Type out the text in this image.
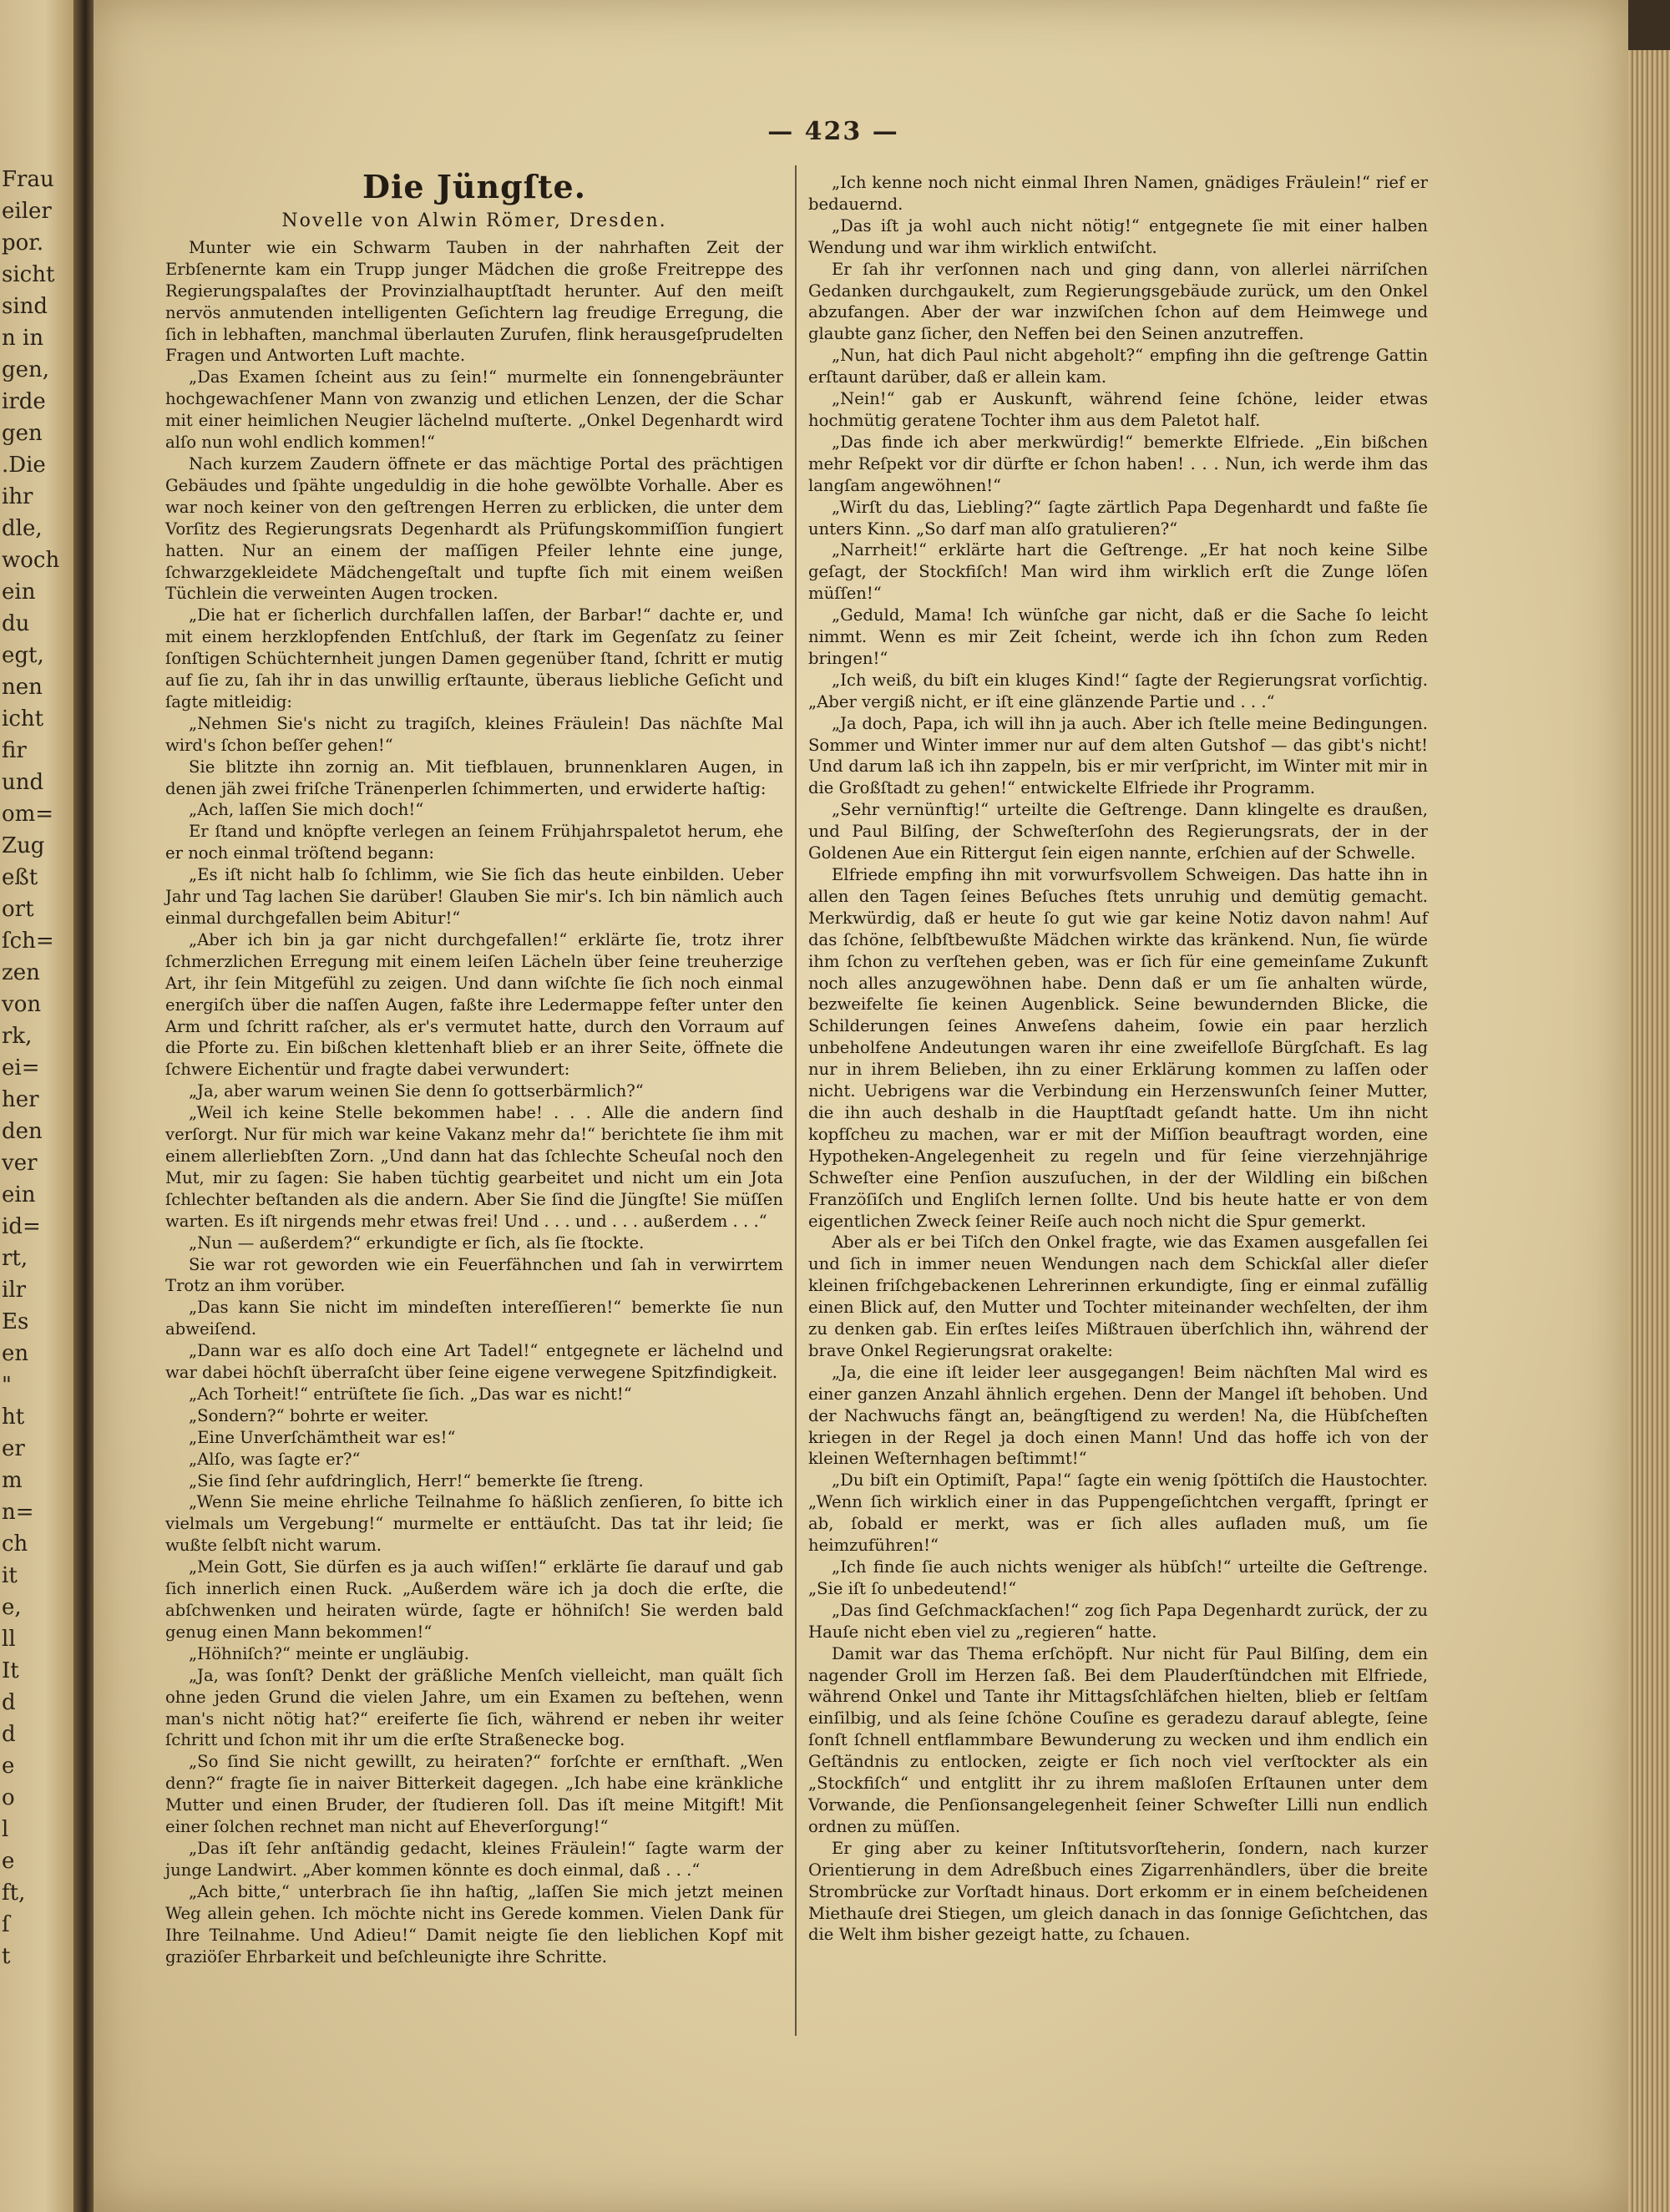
Frau
eiler
por.
sicht
sind
n in
gen,
irde
gen
.Die
ihr
dle,
woch
ein
du
egt,
nen
icht
fir
und
om=
Zug
eßt
ort
ſch=
zen
von
rk,
ei=
her
den
ver
ein
id=
rt,
ilr
Es
en
"
ht
er
m
n=
ch
it
e,
ll
It
d
d
e
o
l
e
ft,
ſ
t
— 423 —

Die Jüngſte.

Novelle von Alwin Römer, Dresden.

Munter wie ein Schwarm Tauben in der nahrhaften Zeit der Erbſenernte kam ein Trupp junger Mädchen die große Freitreppe des Regierungspalaſtes der Provinzialhauptſtadt herunter. Auf den meiſt nervös anmutenden intelligenten Geſichtern lag freudige Erregung, die ſich in lebhaften, manchmal überlauten Zurufen, flink herausgeſprudelten Fragen und Antworten Luft machte.

„Das Examen ſcheint aus zu ſein!“ murmelte ein ſonnengebräunter hochgewachſener Mann von zwanzig und etlichen Lenzen, der die Schar mit einer heimlichen Neugier lächelnd muſterte. „Onkel Degenhardt wird alſo nun wohl endlich kommen!“

Nach kurzem Zaudern öffnete er das mächtige Portal des prächtigen Gebäudes und ſpähte ungeduldig in die hohe gewölbte Vorhalle. Aber es war noch keiner von den geſtrengen Herren zu erblicken, die unter dem Vorſitz des Regierungsrats Degenhardt als Prüfungskommiſſion fungiert hatten. Nur an einem der maſſigen Pfeiler lehnte eine junge, ſchwarzgekleidete Mädchengeſtalt und tupfte ſich mit einem weißen Tüchlein die verweinten Augen trocken.

„Die hat er ſicherlich durchfallen laſſen, der Barbar!“ dachte er, und mit einem herzklopfenden Entſchluß, der ſtark im Gegenſatz zu ſeiner ſonſtigen Schüchternheit jungen Damen gegenüber ſtand, ſchritt er mutig auf ſie zu, ſah ihr in das unwillig erſtaunte, überaus liebliche Geſicht und ſagte mitleidig:

„Nehmen Sie's nicht zu tragiſch, kleines Fräulein! Das nächſte Mal wird's ſchon beſſer gehen!“

Sie blitzte ihn zornig an. Mit tiefblauen, brunnenklaren Augen, in denen jäh zwei friſche Tränenperlen ſchimmerten, und erwiderte haſtig:

„Ach, laſſen Sie mich doch!“

Er ſtand und knöpfte verlegen an ſeinem Frühjahrspaletot herum, ehe er noch einmal tröſtend begann:

„Es iſt nicht halb ſo ſchlimm, wie Sie ſich das heute einbilden. Ueber Jahr und Tag lachen Sie darüber! Glauben Sie mir's. Ich bin nämlich auch einmal durchgefallen beim Abitur!“

„Aber ich bin ja gar nicht durchgefallen!“ erklärte ſie, trotz ihrer ſchmerzlichen Erregung mit einem leiſen Lächeln über ſeine treuherzige Art, ihr ſein Mitgefühl zu zeigen. Und dann wiſchte ſie ſich noch einmal energiſch über die naſſen Augen, faßte ihre Ledermappe feſter unter den Arm und ſchritt raſcher, als er's vermutet hatte, durch den Vorraum auf die Pforte zu. Ein bißchen klettenhaft blieb er an ihrer Seite, öffnete die ſchwere Eichentür und fragte dabei verwundert:

„Ja, aber warum weinen Sie denn ſo gottserbärmlich?“

„Weil ich keine Stelle bekommen habe! . . . Alle die andern ſind verſorgt. Nur für mich war keine Vakanz mehr da!“ berichtete ſie ihm mit einem allerliebſten Zorn. „Und dann hat das ſchlechte Scheuſal noch den Mut, mir zu ſagen: Sie haben tüchtig gearbeitet und nicht um ein Jota ſchlechter beſtanden als die andern. Aber Sie ſind die Jüngſte! Sie müſſen warten. Es iſt nirgends mehr etwas frei! Und . . . und . . . außerdem . . .“

„Nun — außerdem?“ erkundigte er ſich, als ſie ſtockte.

Sie war rot geworden wie ein Feuerfähnchen und ſah in verwirrtem Trotz an ihm vorüber.

„Das kann Sie nicht im mindeſten intereſſieren!“ bemerkte ſie nun abweiſend.

„Dann war es alſo doch eine Art Tadel!“ entgegnete er lächelnd und war dabei höchſt überraſcht über ſeine eigene verwegene Spitzfindigkeit.

„Ach Torheit!“ entrüſtete ſie ſich. „Das war es nicht!“

„Sondern?“ bohrte er weiter.

„Eine Unverſchämtheit war es!“

„Alſo, was ſagte er?“

„Sie ſind ſehr aufdringlich, Herr!“ bemerkte ſie ſtreng.

„Wenn Sie meine ehrliche Teilnahme ſo häßlich zenſieren, ſo bitte ich vielmals um Vergebung!“ murmelte er enttäuſcht. Das tat ihr leid; ſie wußte ſelbſt nicht warum.

„Mein Gott, Sie dürfen es ja auch wiſſen!“ erklärte ſie darauf und gab ſich innerlich einen Ruck. „Außerdem wäre ich ja doch die erſte, die abſchwenken und heiraten würde, ſagte er höhniſch! Sie werden bald genug einen Mann bekommen!“

„Höhniſch?“ meinte er ungläubig.

„Ja, was ſonſt? Denkt der gräßliche Menſch vielleicht, man quält ſich ohne jeden Grund die vielen Jahre, um ein Examen zu beſtehen, wenn man's nicht nötig hat?“ ereiferte ſie ſich, während er neben ihr weiter ſchritt und ſchon mit ihr um die erſte Straßenecke bog.

„So ſind Sie nicht gewillt, zu heiraten?“ forſchte er ernſthaft. „Wen denn?“ fragte ſie in naiver Bitterkeit dagegen. „Ich habe eine kränkliche Mutter und einen Bruder, der ſtudieren ſoll. Das iſt meine Mitgift! Mit einer ſolchen rechnet man nicht auf Eheverſorgung!“

„Das iſt ſehr anſtändig gedacht, kleines Fräulein!“ ſagte warm der junge Landwirt. „Aber kommen könnte es doch einmal, daß . . .“

„Ach bitte,“ unterbrach ſie ihn haſtig, „laſſen Sie mich jetzt meinen Weg allein gehen. Ich möchte nicht ins Gerede kommen. Vielen Dank für Ihre Teilnahme. Und Adieu!“ Damit neigte ſie den lieblichen Kopf mit graziöſer Ehrbarkeit und beſchleunigte ihre Schritte.

„Ich kenne noch nicht einmal Ihren Namen, gnädiges Fräulein!“ rief er bedauernd.

„Das iſt ja wohl auch nicht nötig!“ entgegnete ſie mit einer halben Wendung und war ihm wirklich entwiſcht.

Er ſah ihr verſonnen nach und ging dann, von allerlei närriſchen Gedanken durchgaukelt, zum Regierungsgebäude zurück, um den Onkel abzufangen. Aber der war inzwiſchen ſchon auf dem Heimwege und glaubte ganz ſicher, den Neffen bei den Seinen anzutreffen.

„Nun, hat dich Paul nicht abgeholt?“ empfing ihn die geſtrenge Gattin erſtaunt darüber, daß er allein kam.

„Nein!“ gab er Auskunft, während ſeine ſchöne, leider etwas hochmütig geratene Tochter ihm aus dem Paletot half.

„Das finde ich aber merkwürdig!“ bemerkte Elfriede. „Ein bißchen mehr Reſpekt vor dir dürfte er ſchon haben! . . . Nun, ich werde ihm das langſam angewöhnen!“

„Wirſt du das, Liebling?“ ſagte zärtlich Papa Degenhardt und faßte ſie unters Kinn. „So darf man alſo gratulieren?“

„Narrheit!“ erklärte hart die Geſtrenge. „Er hat noch keine Silbe geſagt, der Stockfiſch! Man wird ihm wirklich erſt die Zunge löſen müſſen!“

„Geduld, Mama! Ich wünſche gar nicht, daß er die Sache ſo leicht nimmt. Wenn es mir Zeit ſcheint, werde ich ihn ſchon zum Reden bringen!“

„Ich weiß, du biſt ein kluges Kind!“ ſagte der Regierungsrat vorſichtig. „Aber vergiß nicht, er iſt eine glänzende Partie und . . .“

„Ja doch, Papa, ich will ihn ja auch. Aber ich ſtelle meine Bedingungen. Sommer und Winter immer nur auf dem alten Gutshof — das gibt's nicht! Und darum laß ich ihn zappeln, bis er mir verſpricht, im Winter mit mir in die Großſtadt zu gehen!“ entwickelte Elfriede ihr Programm.

„Sehr vernünftig!“ urteilte die Geſtrenge. Dann klingelte es draußen, und Paul Bilſing, der Schweſterſohn des Regierungsrats, der in der Goldenen Aue ein Rittergut ſein eigen nannte, erſchien auf der Schwelle.

Elfriede empfing ihn mit vorwurfsvollem Schweigen. Das hatte ihn in allen den Tagen ſeines Beſuches ſtets unruhig und demütig gemacht. Merkwürdig, daß er heute ſo gut wie gar keine Notiz davon nahm! Auf das ſchöne, ſelbſtbewußte Mädchen wirkte das kränkend. Nun, ſie würde ihm ſchon zu verſtehen geben, was er ſich für eine gemeinſame Zukunft noch alles anzugewöhnen habe. Denn daß er um ſie anhalten würde, bezweifelte ſie keinen Augenblick. Seine bewundernden Blicke, die Schilderungen ſeines Anweſens daheim, ſowie ein paar herzlich unbeholfene Andeutungen waren ihr eine zweifelloſe Bürgſchaft. Es lag nur in ihrem Belieben, ihn zu einer Erklärung kommen zu laſſen oder nicht. Uebrigens war die Verbindung ein Herzenswunſch ſeiner Mutter, die ihn auch deshalb in die Hauptſtadt geſandt hatte. Um ihn nicht kopfſcheu zu machen, war er mit der Miſſion beauftragt worden, eine Hypotheken-Angelegenheit zu regeln und für ſeine vierzehnjährige Schweſter eine Penſion auszuſuchen, in der der Wildling ein bißchen Franzöſiſch und Engliſch lernen ſollte. Und bis heute hatte er von dem eigentlichen Zweck ſeiner Reiſe auch noch nicht die Spur gemerkt.

Aber als er bei Tiſch den Onkel fragte, wie das Examen ausgefallen ſei und ſich in immer neuen Wendungen nach dem Schickſal aller dieſer kleinen friſchgebackenen Lehrerinnen erkundigte, ſing er einmal zufällig einen Blick auf, den Mutter und Tochter miteinander wechſelten, der ihm zu denken gab. Ein erſtes leiſes Mißtrauen überſchlich ihn, während der brave Onkel Regierungsrat orakelte:

„Ja, die eine iſt leider leer ausgegangen! Beim nächſten Mal wird es einer ganzen Anzahl ähnlich ergehen. Denn der Mangel iſt behoben. Und der Nachwuchs fängt an, beängſtigend zu werden! Na, die Hübſcheſten kriegen in der Regel ja doch einen Mann! Und das hoffe ich von der kleinen Weſternhagen beſtimmt!“

„Du biſt ein Optimiſt, Papa!“ ſagte ein wenig ſpöttiſch die Haustochter. „Wenn ſich wirklich einer in das Puppengeſichtchen vergafft, ſpringt er ab, ſobald er merkt, was er ſich alles aufladen muß, um ſie heimzuführen!“

„Ich finde ſie auch nichts weniger als hübſch!“ urteilte die Geſtrenge. „Sie iſt ſo unbedeutend!“

„Das ſind Geſchmackſachen!“ zog ſich Papa Degenhardt zurück, der zu Hauſe nicht eben viel zu „regieren“ hatte.

Damit war das Thema erſchöpft. Nur nicht für Paul Bilſing, dem ein nagender Groll im Herzen ſaß. Bei dem Plauderſtündchen mit Elfriede, während Onkel und Tante ihr Mittagsſchläfchen hielten, blieb er ſeltſam einſilbig, und als ſeine ſchöne Couſine es geradezu darauf ablegte, ſeine ſonſt ſchnell entflammbare Bewunderung zu wecken und ihm endlich ein Geſtändnis zu entlocken, zeigte er ſich noch viel verſtockter als ein „Stockfiſch“ und entglitt ihr zu ihrem maßloſen Erſtaunen unter dem Vorwande, die Penſionsangelegenheit ſeiner Schweſter Lilli nun endlich ordnen zu müſſen.

Er ging aber zu keiner Inſtitutsvorſteherin, ſondern, nach kurzer Orientierung in dem Adreßbuch eines Zigarrenhändlers, über die breite Strombrücke zur Vorſtadt hinaus. Dort erkomm er in einem beſcheidenen Miethauſe drei Stiegen, um gleich danach in das ſonnige Geſichtchen, das die Welt ihm bisher gezeigt hatte, zu ſchauen.
